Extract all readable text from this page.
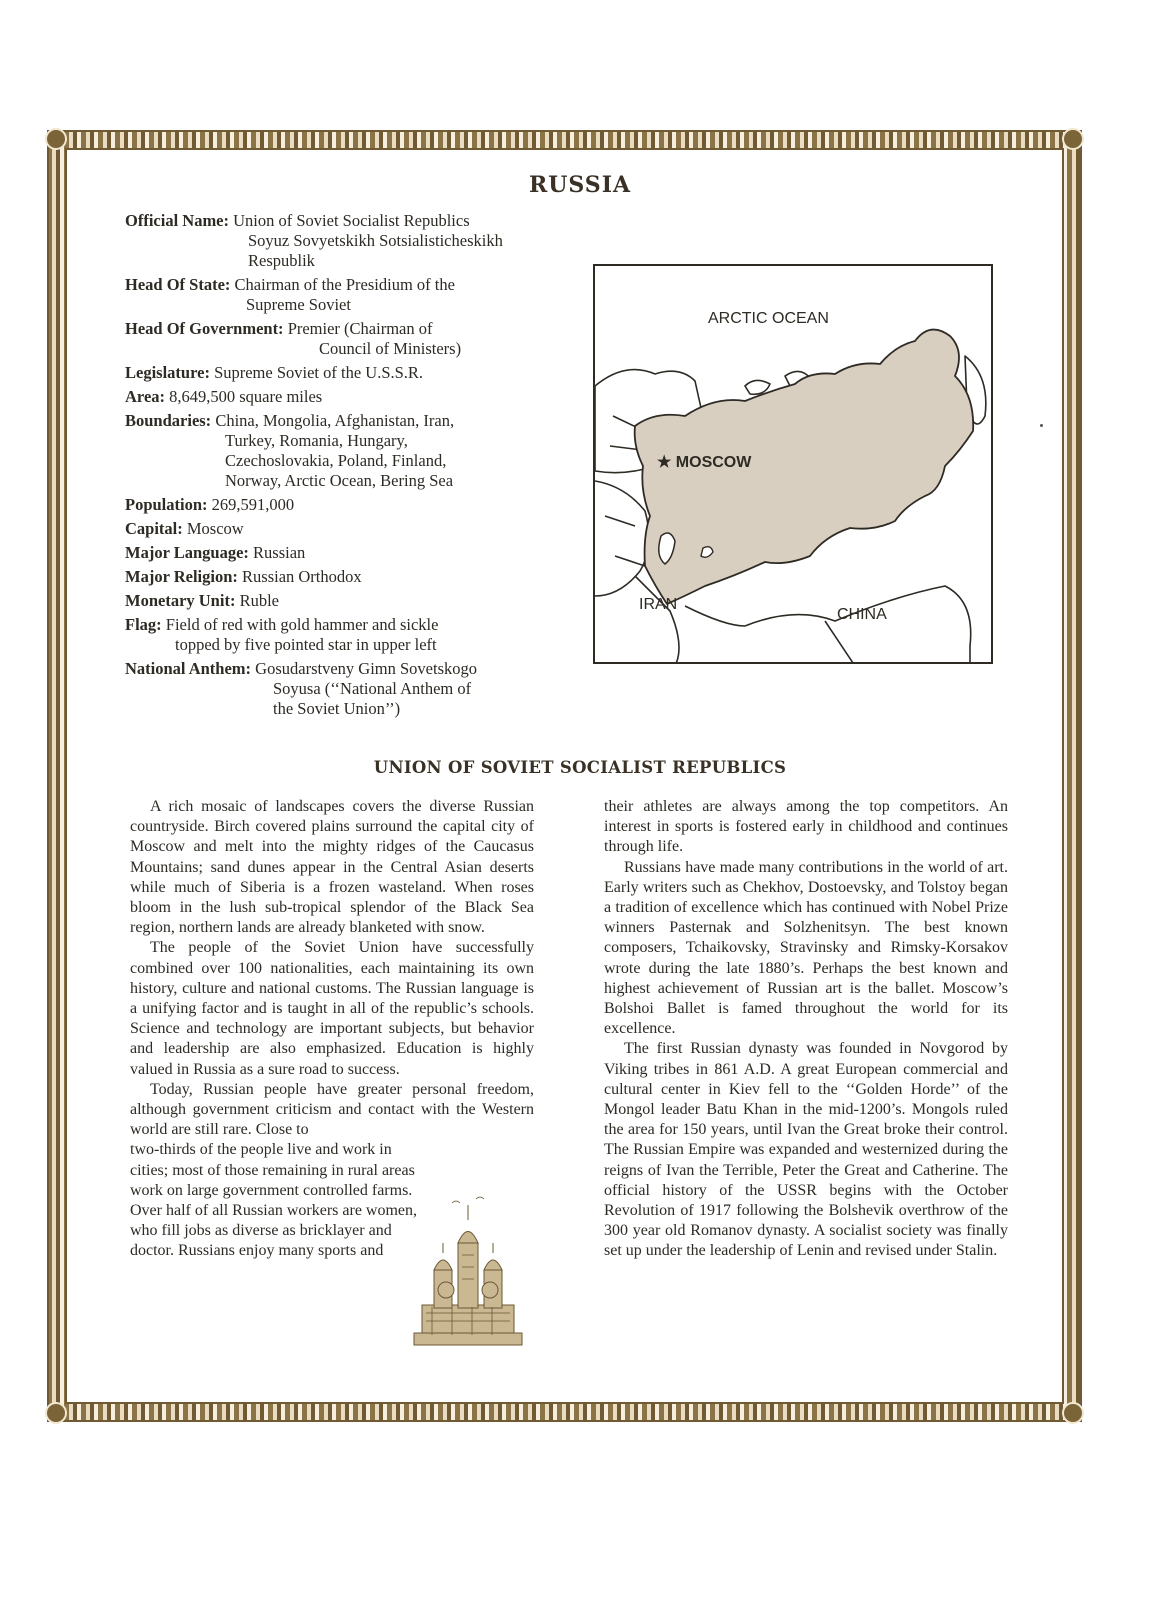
RUSSIA
Official Name: Union of Soviet Socialist Republics
Soyuz Sovyetskikh Sotsialisticheskikh
Respublik
Head Of State: Chairman of the Presidium of the
Supreme Soviet
Head Of Government: Premier (Chairman of
Council of Ministers)
Legislature: Supreme Soviet of the U.S.S.R.
Area: 8,649,500 square miles
Boundaries: China, Mongolia, Afghanistan, Iran,
Turkey, Romania, Hungary,
Czechoslovakia, Poland, Finland,
Norway, Arctic Ocean, Bering Sea
Population: 269,591,000
Capital: Moscow
Major Language: Russian
Major Religion: Russian Orthodox
Monetary Unit: Ruble
Flag: Field of red with gold hammer and sickle
topped by five pointed star in upper left
National Anthem: Gosudarstveny Gimn Sovetskogo
Soyusa (‘‘National Anthem of
the Soviet Union’’)
ARCTIC OCEAN
★ MOSCOW
IRAN
CHINA
UNION OF SOVIET SOCIALIST REPUBLICS

A rich mosaic of landscapes covers the diverse Russian countryside. Birch covered plains surround the capital city of Moscow and melt into the mighty ridges of the Caucasus Mountains; sand dunes appear in the Central Asian deserts while much of Siberia is a frozen wasteland. When roses bloom in the lush sub-tropical splendor of the Black Sea region, northern lands are already blanketed with snow.

The people of the Soviet Union have successfully combined over 100 nationalities, each maintaining its own history, culture and national customs. The Russian language is a unifying factor and is taught in all of the republic’s schools. Science and technology are important subjects, but behavior and leadership are also emphasized. Education is highly valued in Russia as a sure road to success.

Today, Russian people have greater personal freedom, although government criticism and contact with the Western world are still rare. Close to

two-thirds of the people live and work in cities; most of those remaining in rural areas work on large government controlled farms. Over half of all Russian workers are women, who fill jobs as diverse as bricklayer and doctor. Russians enjoy many sports and

their athletes are always among the top competitors. An interest in sports is fostered early in childhood and continues through life.

Russians have made many contributions in the world of art. Early writers such as Chekhov, Dostoevsky, and Tolstoy began a tradition of excellence which has continued with Nobel Prize winners Pasternak and Solzhenitsyn. The best known composers, Tchaikovsky, Stravinsky and Rimsky-Korsakov wrote during the late 1880’s. Perhaps the best known and highest achievement of Russian art is the ballet. Moscow’s Bolshoi Ballet is famed throughout the world for its excellence.

The first Russian dynasty was founded in Novgorod by Viking tribes in 861 A.D. A great European commercial and cultural center in Kiev fell to the ‘‘Golden Horde’’ of the Mongol leader Batu Khan in the mid-1200’s. Mongols ruled the area for 150 years, until Ivan the Great broke their control. The Russian Empire was expanded and westernized during the reigns of Ivan the Terrible, Peter the Great and Catherine. The official history of the USSR begins with the October Revolution of 1917 following the Bolshevik overthrow of the 300 year old Romanov dynasty. A socialist society was finally set up under the leadership of Lenin and revised under Stalin.
